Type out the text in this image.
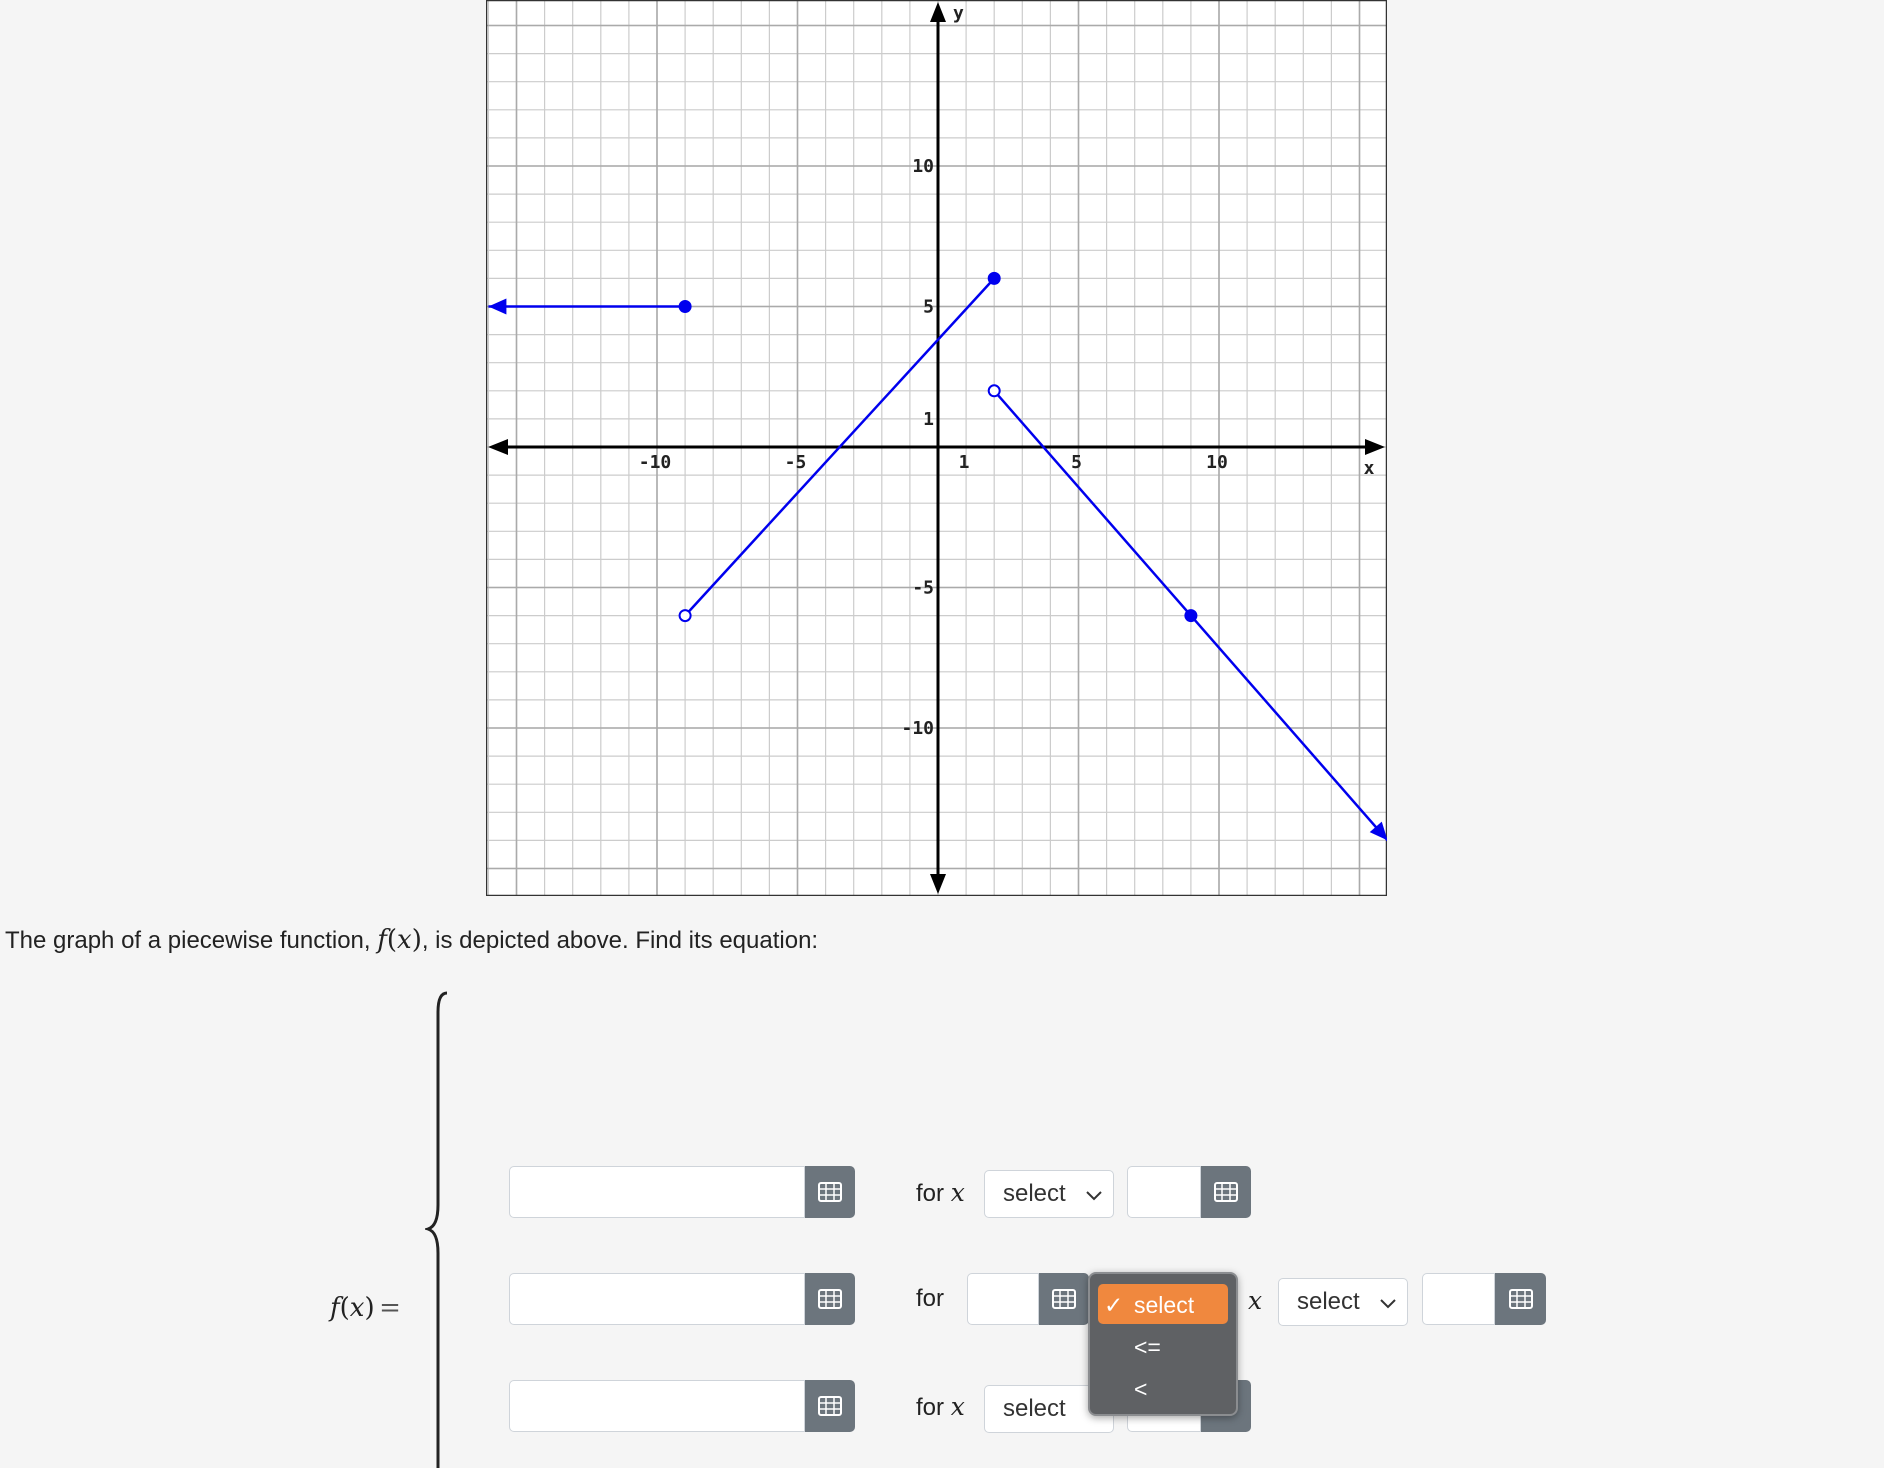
x
y
-10	-5	1	5	10
10
5
1
-5
-10
The graph of a piecewise function, f(x), is depicted above. Find its equation:
f(x) =
for x select
for	x select
for x select
✓ select
<=
<
